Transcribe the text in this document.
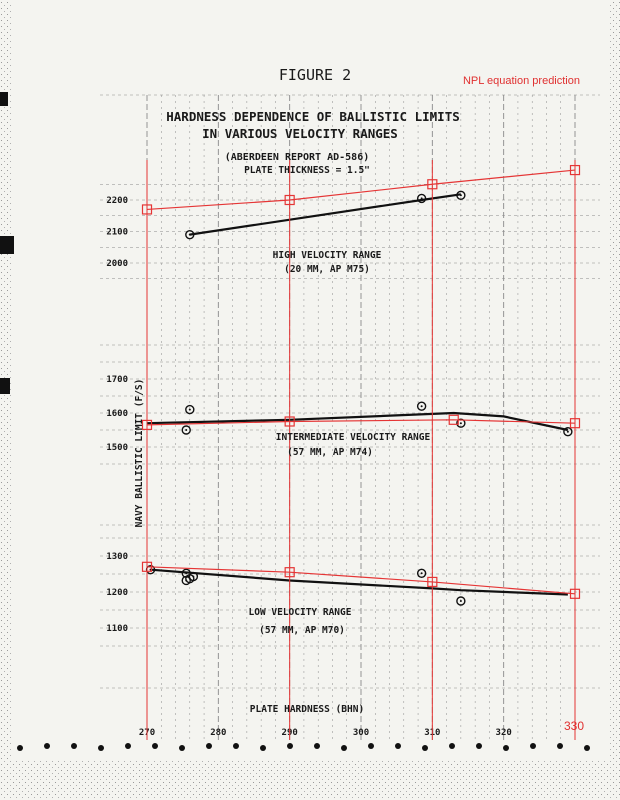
1100
1200
1300
1500
1600
1700
2000
2100
2200
270	280	290	300	310	320
FIGURE 2
HARDNESS DEPENDENCE OF BALLISTIC LIMITS
IN VARIOUS VELOCITY RANGES
(ABERDEEN REPORT AD-586)
PLATE THICKNESS = 1.5"
HIGH VELOCITY RANGE
(20 MM, AP M75)
INTERMEDIATE VELOCITY RANGE
(57 MM, AP M74)
LOW VELOCITY RANGE
(57 MM, AP M70)
PLATE HARDNESS (BHN)
NAVY BALLISTIC LIMIT (F/S)
NPL equation prediction
330
